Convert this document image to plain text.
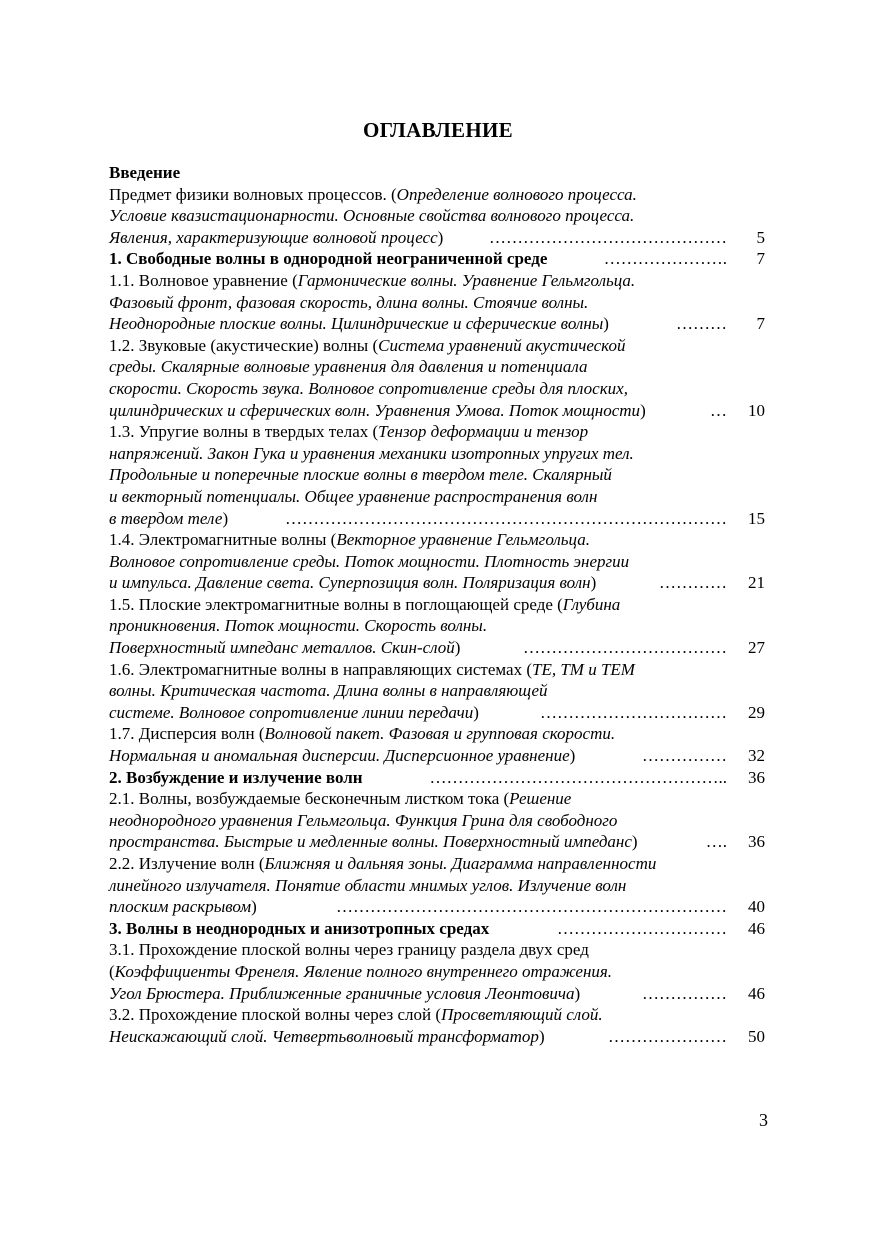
ОГЛАВЛЕНИЕ
Введение
Предмет физики волновых процессов. (Определение волнового процесса.
Условие квазистационарности. Основные свойства волнового процесса.
Явления, характеризующие волновой процесс)	……………………………………	5
1. Свободные волны в однородной неограниченной среде	………………….	7
1.1. Волновое уравнение (Гармонические волны. Уравнение Гельмгольца.
Фазовый фронт, фазовая скорость, длина волны. Стоячие волны.
Неоднородные плоские волны. Цилиндрические и сферические волны)	………	7
1.2. Звуковые (акустические) волны (Система уравнений акустической
среды. Скалярные волновые уравнения для давления и потенциала
скорости. Скорость звука. Волновое сопротивление среды для плоских,
цилиндрических и сферических волн. Уравнения Умова. Поток мощности)	…	10
1.3. Упругие волны в твердых телах (Тензор деформации и тензор
напряжений. Закон Гука и уравнения механики изотропных упругих тел.
Продольные и поперечные плоские волны в твердом теле. Скалярный
и векторный потенциалы. Общее уравнение распространения волн
в твердом теле)	……………………………………………………………………	15
1.4. Электромагнитные волны (Векторное уравнение Гельмгольца.
Волновое сопротивление среды. Поток мощности. Плотность энергии
и импульса. Давление света. Суперпозиция волн. Поляризация волн)	…………	21
1.5. Плоские электромагнитные волны в поглощающей среде (Глубина
проникновения. Поток мощности. Скорость волны.
Поверхностный импеданс металлов. Скин-слой)	………………………………	27
1.6. Электромагнитные волны в направляющих системах (ТЕ, ТМ и ТЕМ
волны. Критическая частота. Длина волны в направляющей
системе. Волновое сопротивление линии передачи)	……………………………	29
1.7. Дисперсия волн (Волновой пакет. Фазовая и групповая скорости.
Нормальная и аномальная дисперсии. Дисперсионное уравнение)	……………	32
2. Возбуждение и излучение волн	……………………………………………..	36
2.1. Волны, возбуждаемые бесконечным листком тока (Решение
неоднородного уравнения Гельмгольца. Функция Грина для свободного
пространства. Быстрые и медленные волны. Поверхностный импеданс)	….	36
2.2. Излучение волн (Ближняя и дальняя зоны. Диаграмма направленности
линейного излучателя. Понятие области мнимых углов. Излучение волн
плоским раскрывом)	……………………………………………………………	40
3. Волны в неоднородных и анизотропных средах	…………………………	46
3.1. Прохождение плоской волны через границу раздела двух сред
(Коэффициенты Френеля. Явление полного внутреннего отражения.
Угол Брюстера. Приближенные граничные условия Леонтовича)	……………	46
3.2. Прохождение плоской волны через слой (Просветляющий слой.
Неискажающий слой. Четвертьволновый трансформатор)	…………………	50
3
